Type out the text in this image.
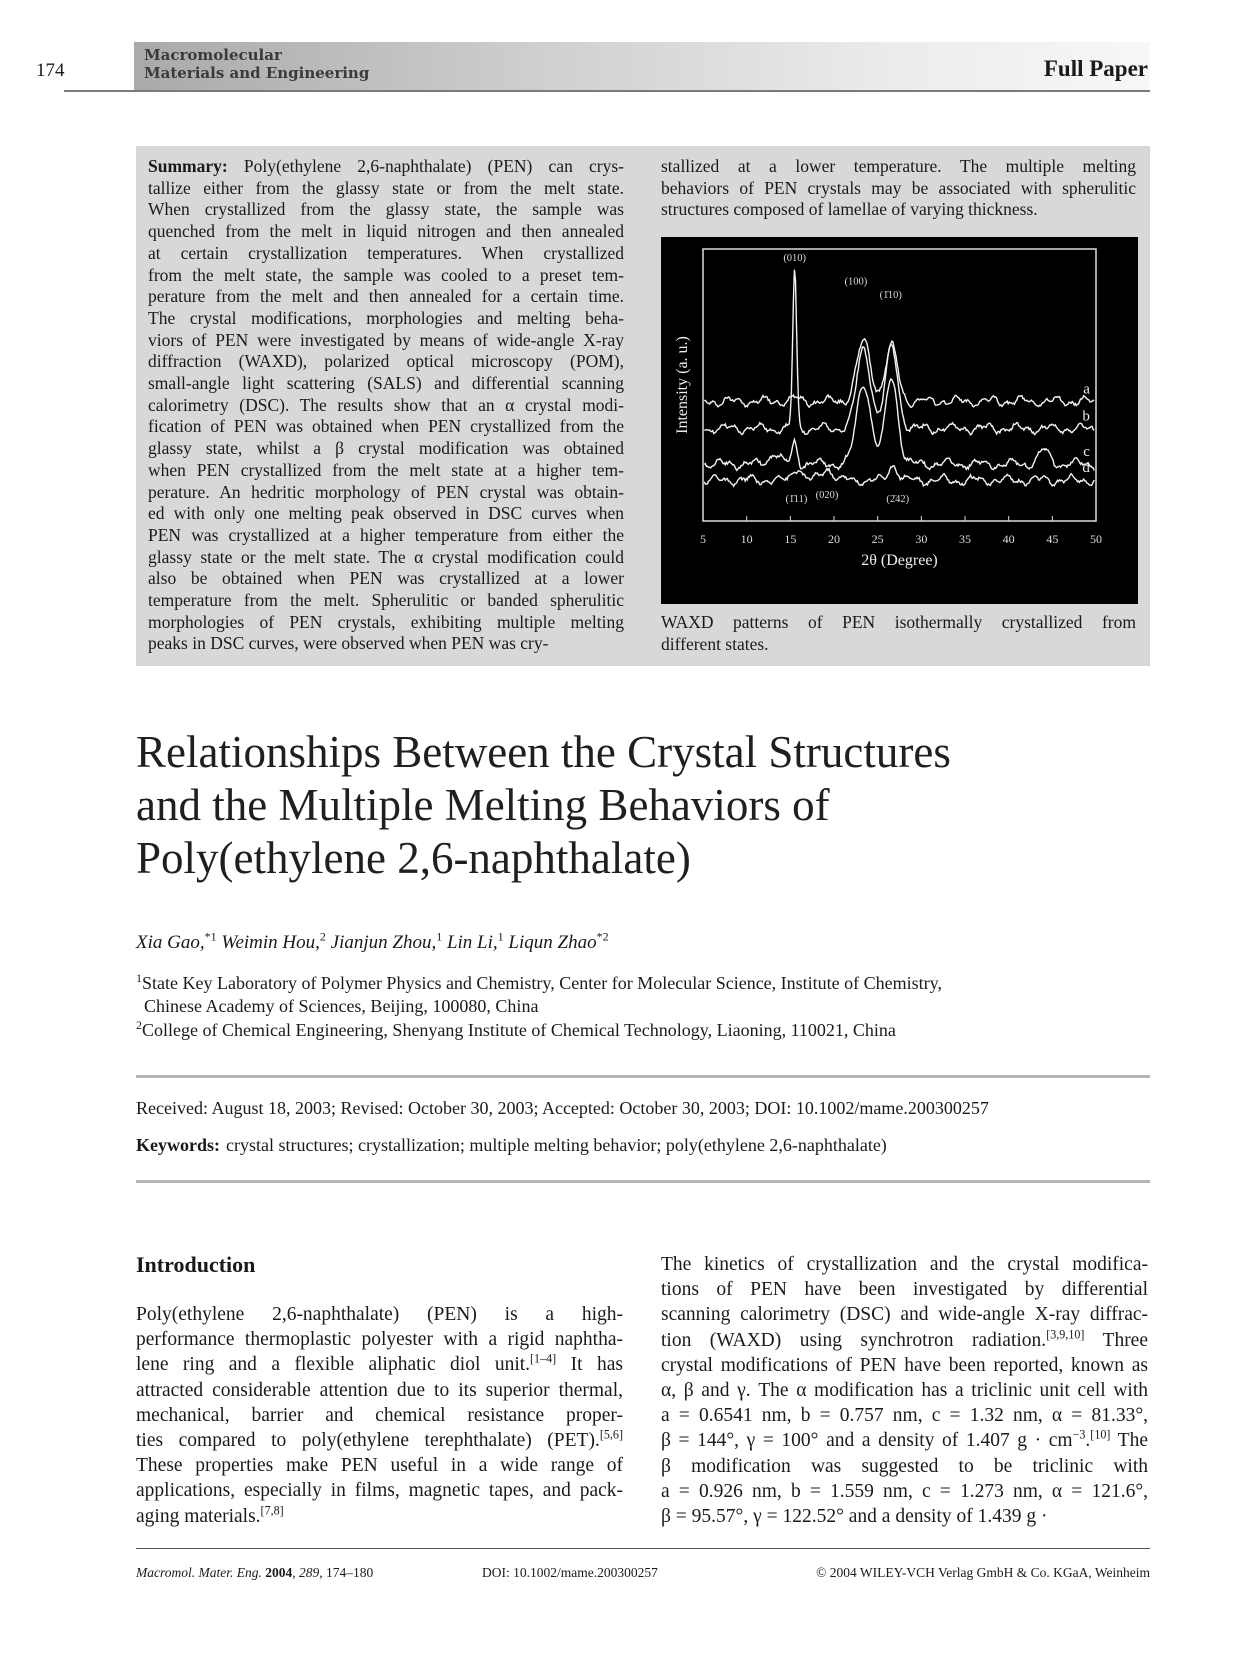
174
Macromolecular
Materials and Engineering	Full Paper
Summary: Poly(ethylene 2,6-naphthalate) (PEN) can crys-
tallize either from the glassy state or from the melt state.
When crystallized from the glassy state, the sample was
quenched from the melt in liquid nitrogen and then annealed
at certain crystallization temperatures. When crystallized
from the melt state, the sample was cooled to a preset tem-
perature from the melt and then annealed for a certain time.
The crystal modifications, morphologies and melting beha-
viors of PEN were investigated by means of wide-angle X-ray
diffraction (WAXD), polarized optical microscopy (POM),
small-angle light scattering (SALS) and differential scanning
calorimetry (DSC). The results show that an α crystal modi-
fication of PEN was obtained when PEN crystallized from the
glassy state, whilst a β crystal modification was obtained
when PEN crystallized from the melt state at a higher tem-
perature. An hedritic morphology of PEN crystal was obtain-
ed with only one melting peak observed in DSC curves when
PEN was crystallized at a higher temperature from either the
glassy state or the melt state. The α crystal modification could
also be obtained when PEN was crystallized at a lower
temperature from the melt. Spherulitic or banded spherulitic
morphologies of PEN crystals, exhibiting multiple melting
peaks in DSC curves, were observed when PEN was cry-
stallized at a lower temperature. The multiple melting
behaviors of PEN crystals may be associated with spherulitic
structures composed of lamellae of varying thickness.
5	10	15	20	25	30	35	40	45	50
2θ (Degree)
Intensity (a. u.)	a
b
c
d
(010)
(100)
(1̄10)
(1̄11) (020)	(2̄42)
WAXD patterns of PEN isothermally crystallized from
different states.
Relationships Between the Crystal Structures
and the Multiple Melting Behaviors of
Poly(ethylene 2,6-naphthalate)
Xia Gao,$^{*1}$ Weimin Hou,$^2$ Jianjun Zhou,$^1$ Lin Li,$^1$ Liqun Zhao$^{*2}$
$^1$State Key Laboratory of Polymer Physics and Chemistry, Center for Molecular Science, Institute of Chemistry,
Chinese Academy of Sciences, Beijing, 100080, China
$^2$College of Chemical Engineering, Shenyang Institute of Chemical Technology, Liaoning, 110021, China
Received: August 18, 2003; Revised: October 30, 2003; Accepted: October 30, 2003; DOI: 10.1002/mame.200300257
Keywords: crystal structures; crystallization; multiple melting behavior; poly(ethylene 2,6-naphthalate)
Introduction
Poly(ethylene 2,6-naphthalate) (PEN) is a high-
performance thermoplastic polyester with a rigid naphtha-
lene ring and a flexible aliphatic diol unit.[1–4] It has
attracted considerable attention due to its superior thermal,
mechanical, barrier and chemical resistance proper-
ties compared to poly(ethylene terephthalate) (PET).[5,6]
These properties make PEN useful in a wide range of
applications, especially in films, magnetic tapes, and pack-
aging materials.[7,8]
The kinetics of crystallization and the crystal modifica-
tions of PEN have been investigated by differential
scanning calorimetry (DSC) and wide-angle X-ray diffrac-
tion (WAXD) using synchrotron radiation.[3,9,10] Three
crystal modifications of PEN have been reported, known as
α, β and γ. The α modification has a triclinic unit cell with
a = 0.6541 nm, b = 0.757 nm, c = 1.32 nm, α = 81.33°,
β = 144°, γ = 100° and a density of 1.407 $g \cdot cm^{-3}.[10]$ The
β modification was suggested to be triclinic with
a = 0.926 nm, b = 1.559 nm, c = 1.273 nm, α = 121.6°,
β = 95.57°, γ = 122.52° and a density of 1.439 g ·
Macromol. Mater. Eng. 2004, 289, 174–180	DOI: 10.1002/mame.200300257	© 2004 WILEY-VCH Verlag GmbH & Co. KGaA, Weinheim
